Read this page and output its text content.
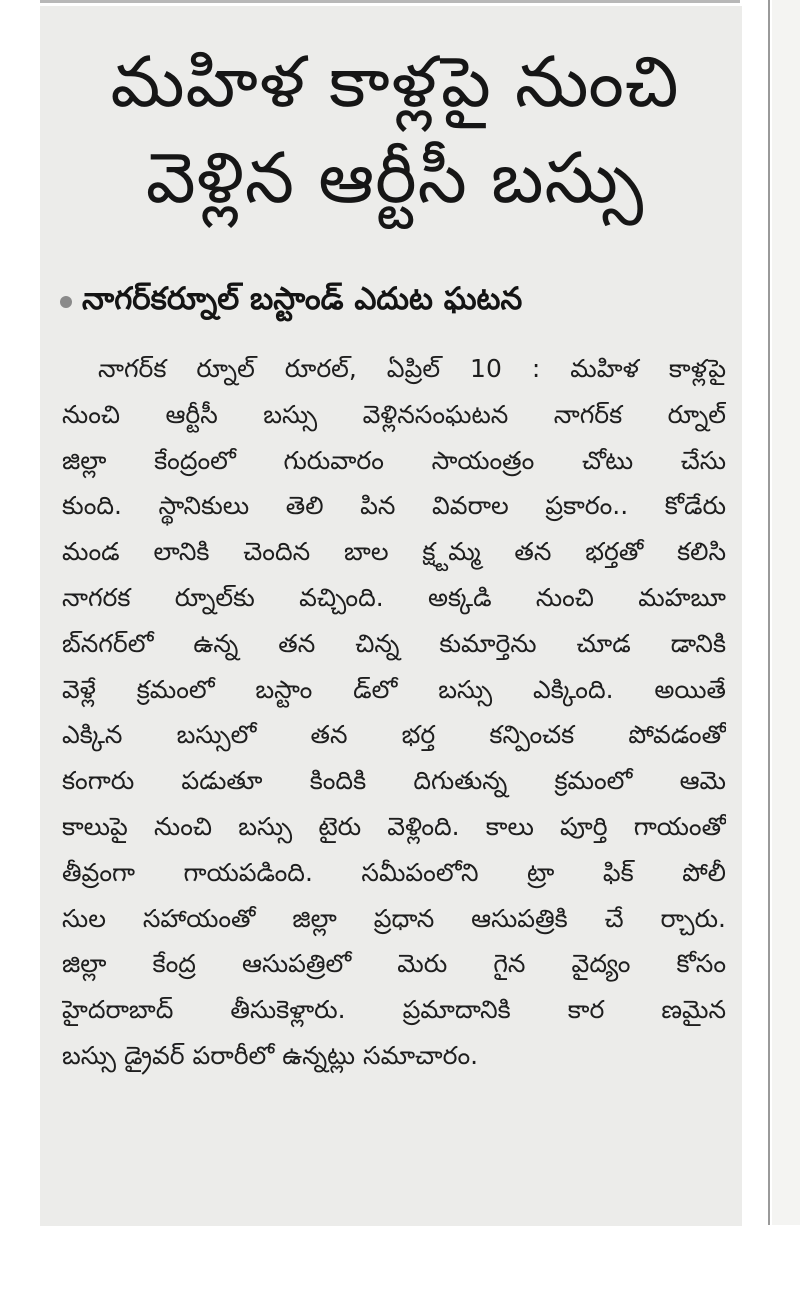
మహిళ కాళ్లపై నుంచి వెళ్లిన ఆర్టీసీ బస్సు
నాగర్‌కర్నూల్ బస్టాండ్ ఎదుట ఘటన
నాగర్‌క ర్నూల్ రూరల్, ఏప్రిల్ 10 : మహిళ కాళ్లపై
నుంచి ఆర్టీసీ బస్సు వెళ్లినసంఘటన నాగర్‌క ర్నూల్
జిల్లా కేంద్రంలో గురువారం సాయంత్రం చోటు చేసు
కుంది. స్థానికులు తెలి పిన వివరాల ప్రకారం.. కోడేరు
మండ లానికి చెందిన బాల క్ష్టమ్మ తన భర్తతో కలిసి
నాగరక ర్నూల్‌కు వచ్చింది. అక్కడి నుంచి మహబూ
బ్‌నగర్‌లో ఉన్న తన చిన్న కుమార్తెను చూడ డానికి
వెళ్లే క్రమంలో బస్టాం డ్‌లో బస్సు ఎక్కింది. అయితే
ఎక్కిన బస్సులో తన భర్త కన్పించక పోవడంతో
కంగారు పడుతూ కిందికి దిగుతున్న క్రమంలో ఆమె
కాలుపై నుంచి బస్సు టైరు వెళ్లింది. కాలు పూర్తి గాయంతో
తీవ్రంగా గాయపడింది. సమీపంలోని ట్రా ఫిక్ పోలీ
సుల సహాయంతో జిల్లా ప్రధాన ఆసుపత్రికి చే ర్చారు.
జిల్లా కేంద్ర ఆసుపత్రిలో మెరు గైన వైద్యం కోసం
హైదరాబాద్ తీసుకెళ్లారు. ప్రమాదానికి కార ణమైన
బస్సు డ్రైవర్ పరారీలో ఉన్నట్లు సమాచారం.
